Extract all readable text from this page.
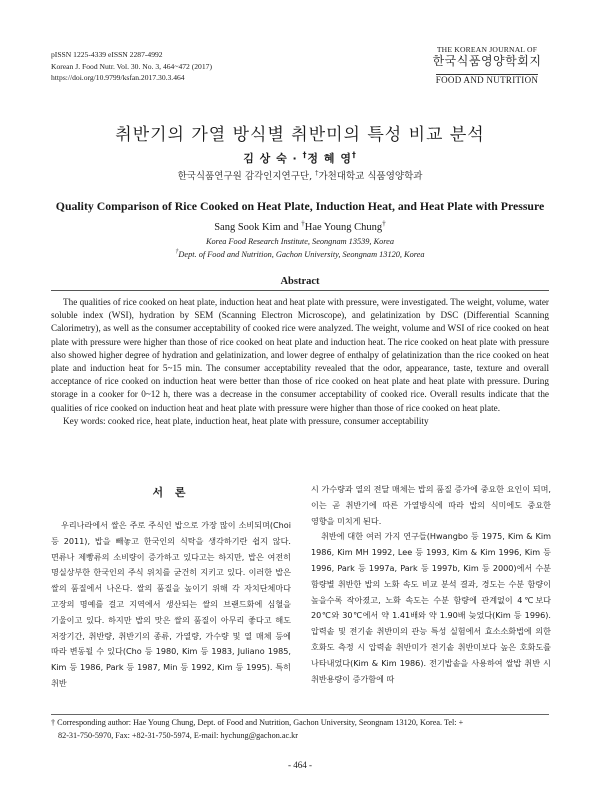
pISSN 1225-4339 eISSN 2287-4992
Korean J. Food Nutr. Vol. 30. No. 3, 464~472 (2017)
https://doi.org/10.9799/ksfan.2017.30.3.464
THE KOREAN JOURNAL OF
한국식품영양학회지
FOOD AND NUTRITION
취반기의 가열 방식별 취반미의 특성 비교 분석
김 상 숙 · †정 혜 영†
한국식품연구원 감각인지연구단, †가천대학교 식품영양학과
Quality Comparison of Rice Cooked on Heat Plate, Induction Heat, and Heat Plate with Pressure
Sang Sook Kim and †Hae Young Chung†
Korea Food Research Institute, Seongnam 13539, Korea
†Dept. of Food and Nutrition, Gachon University, Seongnam 13120, Korea
Abstract

The qualities of rice cooked on heat plate, induction heat and heat plate with pressure, were investigated. The weight, volume, water soluble index (WSI), hydration by SEM (Scanning Electron Microscope), and gelatinization by DSC (Differential Scanning Calorimetry), as well as the consumer acceptability of cooked rice were analyzed. The weight, volume and WSI of rice cooked on heat plate with pressure were higher than those of rice cooked on heat plate and induction heat. The rice cooked on heat plate with pressure also showed higher degree of hydration and gelatinization, and lower degree of enthalpy of gelatinization than the rice cooked on heat plate and induction heat for 5~15 min. The consumer acceptability revealed that the odor, appearance, taste, texture and overall acceptance of rice cooked on induction heat were better than those of rice cooked on heat plate and heat plate with pressure. During storage in a cooker for 0~12 h, there was a decrease in the consumer acceptability of cooked rice. Overall results indicate that the qualities of rice cooked on induction heat and heat plate with pressure were higher than those of rice cooked on heat plate.

Key words: cooked rice, heat plate, induction heat, heat plate with pressure, consumer acceptability

서 론

우리나라에서 쌀은 주로 주식인 밥으로 가장 많이 소비되며(Choi 등 2011), 밥을 빼놓고 한국인의 식탁을 생각하기란 쉽지 않다. 면류나 제빵류의 소비량이 증가하고 있다고는 하지만, 밥은 여전히 명실상부한 한국인의 주식 위치를 굳건히 지키고 있다. 이러한 밥은 쌀의 품질에서 나온다. 쌀의 품질을 높이기 위해 각 자치단체마다 고장의 명예를 걸고 지역에서 생산되는 쌀의 브랜드화에 심혈을 기울이고 있다. 하지만 밥의 맛은 쌀의 품질이 아무리 좋다고 해도 저장기간, 취반량, 취반기의 종류, 가열량, 가수량 및 열 매체 등에 따라 변동될 수 있다(Cho 등 1980, Kim 등 1983, Juliano 1985, Kim 등 1986, Park 등 1987, Min 등 1992, Kim 등 1995). 특히 취반

시 가수량과 열의 전달 매체는 밥의 품질 증가에 중요한 요인이 되며, 이는 곧 취반기에 따른 가열방식에 따라 밥의 식미에도 중요한 영향을 미치게 된다.

취반에 대한 여러 가지 연구들(Hwangbo 등 1975, Kim & Kim 1986, Kim MH 1992, Lee 등 1993, Kim & Kim 1996, Kim 등 1996, Park 등 1997a, Park 등 1997b, Kim 등 2000)에서 수분 함량별 취반한 밥의 노화 속도 비교 분석 결과, 경도는 수분 함량이 높을수록 작아졌고, 노화 속도는 수분 함량에 관계없이 4℃보다 20℃와 30℃에서 약 1.41배와 약 1.90배 늦었다(Kim 등 1996). 압력솥 및 전기솥 취반미의 관능 특성 실험에서 효소소화법에 의한 호화도 측정 시 압력솥 취반미가 전기솥 취반미보다 높은 호화도를 나타내었다(Kim & Kim 1986). 전기밥솥을 사용하여 쌀밥 취반 시 취반용량이 증가함에 따

† Corresponding author: Hae Young Chung, Dept. of Food and Nutrition, Gachon University, Seongnam 13120, Korea. Tel: +

82-31-750-5970, Fax: +82-31-750-5974, E-mail: hychung@gachon.ac.kr

- 464 -
